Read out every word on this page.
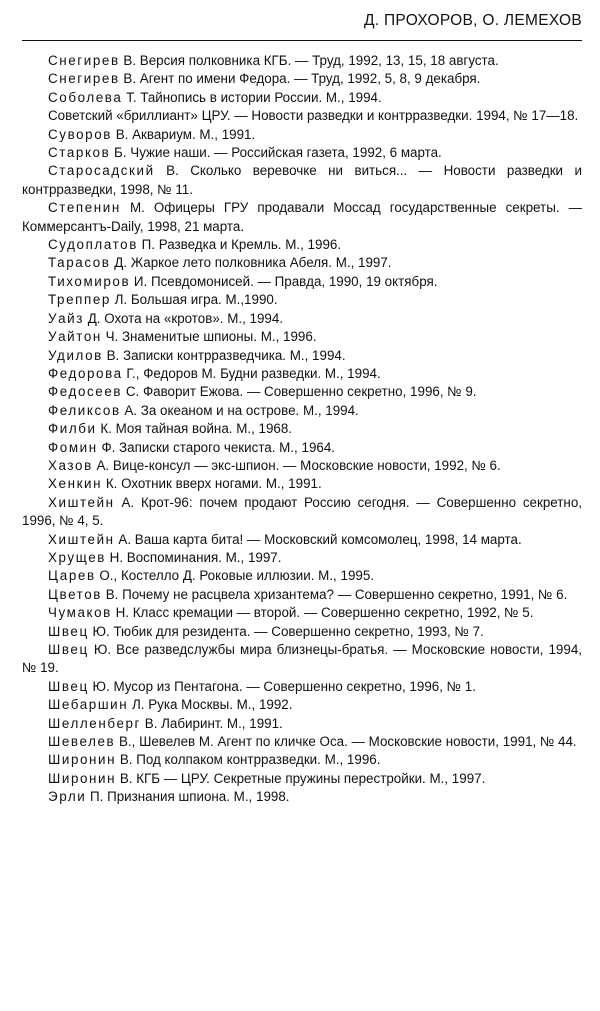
Д. ПРОХОРОВ, О. ЛЕМЕХОВ
Снегирев В. Версия полковника КГБ. — Труд, 1992, 13, 15, 18 августа.
Снегирев В. Агент по имени Федора. — Труд, 1992, 5, 8, 9 декабря.
Соболева Т. Тайнопись в истории России. М., 1994.
Советский «бриллиант» ЦРУ. — Новости разведки и контрразведки. 1994, № 17—18.
Суворов В. Аквариум. М., 1991.
Старков Б. Чужие наши. — Российская газета, 1992, 6 марта.
Старосадский В. Сколько веревочке ни виться... — Новости разведки и контрразведки, 1998, № 11.
Степенин М. Офицеры ГРУ продавали Моссад государственные секреты. — Коммерсантъ-Daily, 1998, 21 марта.
Судоплатов П. Разведка и Кремль. М., 1996.
Тарасов Д. Жаркое лето полковника Абеля. М., 1997.
Тихомиров И. Псевдомонисей. — Правда, 1990, 19 октября.
Треппер Л. Большая игра. М.,1990.
Уайз Д. Охота на «кротов». М., 1994.
Уайтон Ч. Знаменитые шпионы. М., 1996.
Удилов В. Записки контрразведчика. М., 1994.
Федорова Г., Федоров М. Будни разведки. М., 1994.
Федосеев С. Фаворит Ежова. — Совершенно секретно, 1996, № 9.
Феликсов А. За океаном и на острове. М., 1994.
Филби К. Моя тайная война. М., 1968.
Фомин Ф. Записки старого чекиста. М., 1964.
Хазов А. Вице-консул — экс-шпион. — Московские новости, 1992, № 6.
Хенкин К. Охотник вверх ногами. М., 1991.
Хиштейн А. Крот-96: почем продают Россию сегодня. — Совершенно секретно, 1996, № 4, 5.
Хиштейн А. Ваша карта бита! — Московский комсомолец, 1998, 14 марта.
Хрущев Н. Воспоминания. М., 1997.
Царев О., Костелло Д. Роковые иллюзии. М., 1995.
Цветов В. Почему не расцвела хризантема? — Совершенно секретно, 1991, № 6.
Чумаков Н. Класс кремации — второй. — Совершенно секретно, 1992, № 5.
Швец Ю. Тюбик для резидента. — Совершенно секретно, 1993, № 7.
Швец Ю. Все разведслужбы мира близнецы-братья. — Московские новости, 1994, № 19.
Швец Ю. Мусор из Пентагона. — Совершенно секретно, 1996, № 1.
Шебаршин Л. Рука Москвы. М., 1992.
Шелленберг В. Лабиринт. М., 1991.
Шевелев В., Шевелев М. Агент по кличке Оса. — Московские новости, 1991, № 44.
Широнин В. Под колпаком контрразведки. М., 1996.
Широнин В. КГБ — ЦРУ. Секретные пружины перестройки. М., 1997.
Эрли П. Признания шпиона. М., 1998.
